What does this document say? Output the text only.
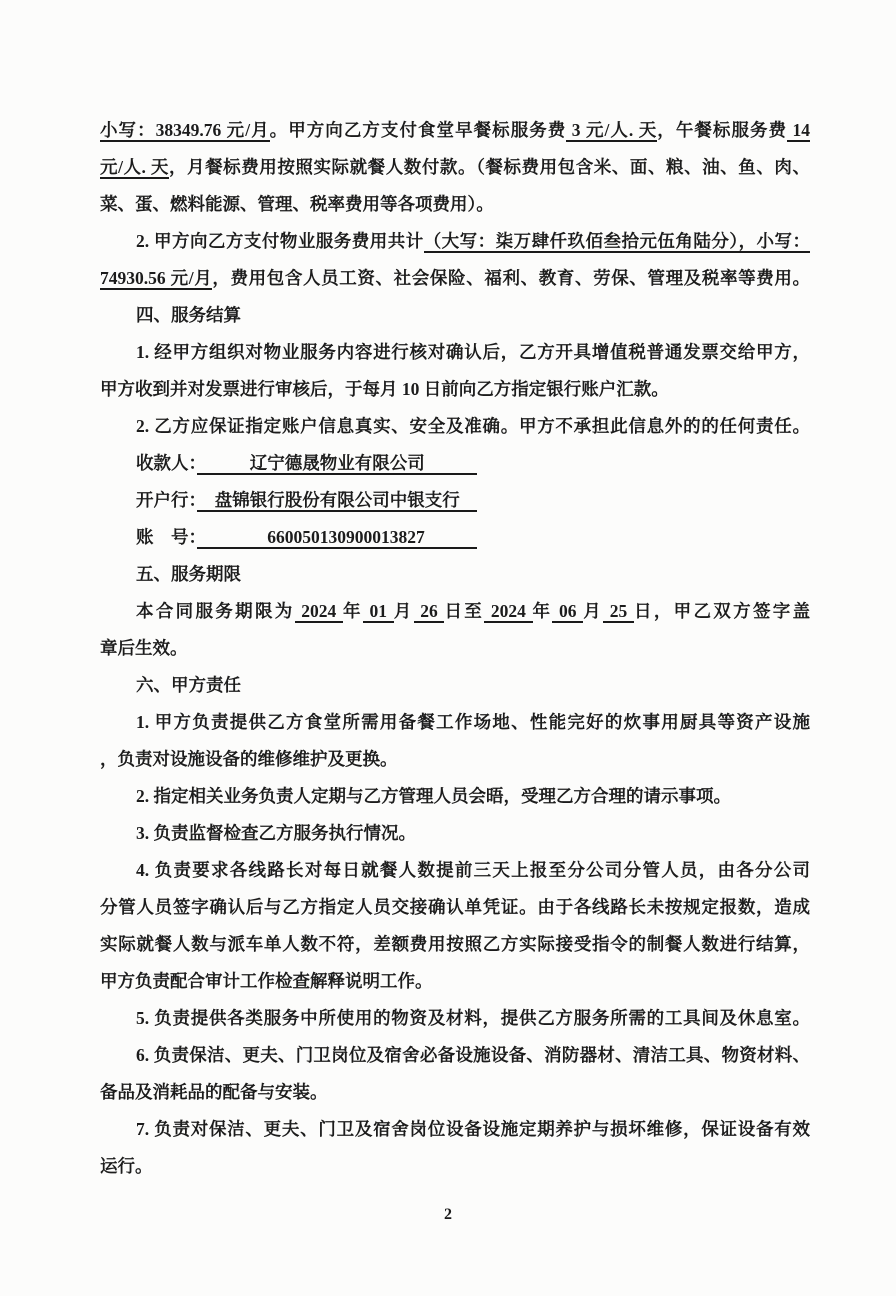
小写：38349.76 元/月。甲方向乙方支付食堂早餐标服务费 3 元/人. 天，午餐标服务费 14
元/人. 天，月餐标费用按照实际就餐人数付款。（餐标费用包含米、面、粮、油、鱼、肉、
菜、蛋、燃料能源、管理、税率费用等各项费用）。
2. 甲方向乙方支付物业服务费用共计（大写：柒万肆仟玖佰叁拾元伍角陆分），小写：
74930.56 元/月，费用包含人员工资、社会保险、福利、教育、劳保、管理及税率等费用。
四、服务结算
1. 经甲方组织对物业服务内容进行核对确认后，乙方开具增值税普通发票交给甲方，
甲方收到并对发票进行审核后，于每月 10 日前向乙方指定银行账户汇款。
2. 乙方应保证指定账户信息真实、安全及准确。甲方不承担此信息外的的任何责任。
收款人：　　　辽宁德晟物业有限公司　　　
开户行：　盘锦银行股份有限公司中银支行　
账　号：　　　　660050130900013827　　　
五、服务期限
本合同服务期限为 2024 年 01 月 26 日至 2024 年 06 月 25 日，甲乙双方签字盖
章后生效。
六、甲方责任
1. 甲方负责提供乙方食堂所需用备餐工作场地、性能完好的炊事用厨具等资产设施
，负责对设施设备的维修维护及更换。
2. 指定相关业务负责人定期与乙方管理人员会晤，受理乙方合理的请示事项。
3. 负责监督检查乙方服务执行情况。
4. 负责要求各线路长对每日就餐人数提前三天上报至分公司分管人员，由各分公司
分管人员签字确认后与乙方指定人员交接确认单凭证。由于各线路长未按规定报数，造成
实际就餐人数与派车单人数不符，差额费用按照乙方实际接受指令的制餐人数进行结算，
甲方负责配合审计工作检查解释说明工作。
5. 负责提供各类服务中所使用的物资及材料，提供乙方服务所需的工具间及休息室。
6. 负责保洁、更夫、门卫岗位及宿舍必备设施设备、消防器材、清洁工具、物资材料、
备品及消耗品的配备与安装。
7. 负责对保洁、更夫、门卫及宿舍岗位设备设施定期养护与损坏维修，保证设备有效
运行。
2
